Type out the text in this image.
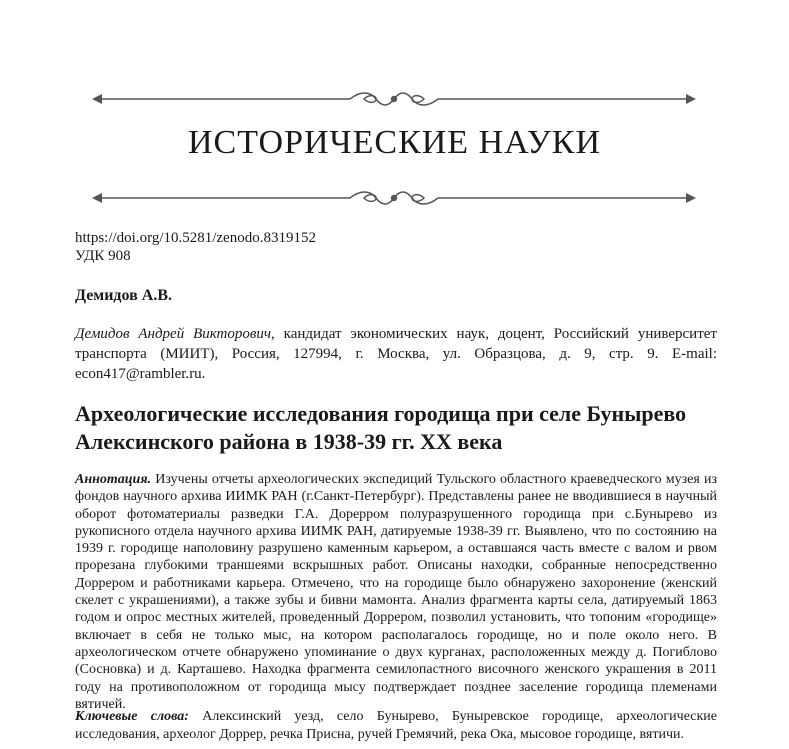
ИСТОРИЧЕСКИЕ НАУКИ
https://doi.org/10.5281/zenodo.8319152
УДК 908
Демидов А.В.
Демидов Андрей Викторович, кандидат экономических наук, доцент, Российский университет транспорта (МИИТ), Россия, 127994, г. Москва, ул. Образцова, д. 9, стр. 9. E-mail: econ417@rambler.ru.
Археологические исследования городища при селе Бунырево Алексинского района в 1938-39 гг. XX века
Аннотация. Изучены отчеты археологических экспедиций Тульского областного краеведческого музея из фондов научного архива ИИМК РАН (г.Санкт-Петербург). Представлены ранее не вводившиеся в научный оборот фотоматериалы разведки Г.А. Дорерром полуразрушенного городища при с.Бунырево из рукописного отдела научного архива ИИМК РАН, датируемые 1938-39 гг. Выявлено, что по состоянию на 1939 г. городище наполовину разрушено каменным карьером, а оставшаяся часть вместе с валом и рвом прорезана глубокими траншеями вскрышных работ. Описаны находки, собранные непосредственно Доррером и работниками карьера. Отмечено, что на городище было обнаружено захоронение (женский скелет с украшениями), а также зубы и бивни мамонта. Анализ фрагмента карты села, датируемый 1863 годом и опрос местных жителей, проведенный Доррером, позволил установить, что топоним «городище» включает в себя не только мыс, на котором располагалось городище, но и поле около него. В археологическом отчете обнаружено упоминание о двух курганах, расположенных между д. Погиблово (Сосновка) и д. Карташево. Находка фрагмента семилопастного височного женского украшения в 2011 году на противоположном от городища мысу подтверждает позднее заселение городища племенами вятичей.
Ключевые слова: Алексинский уезд, село Бунырево, Буныревское городище, археологические исследования, археолог Доррер, речка Присна, ручей Гремячий, река Ока, мысовое городище, вятичи.
